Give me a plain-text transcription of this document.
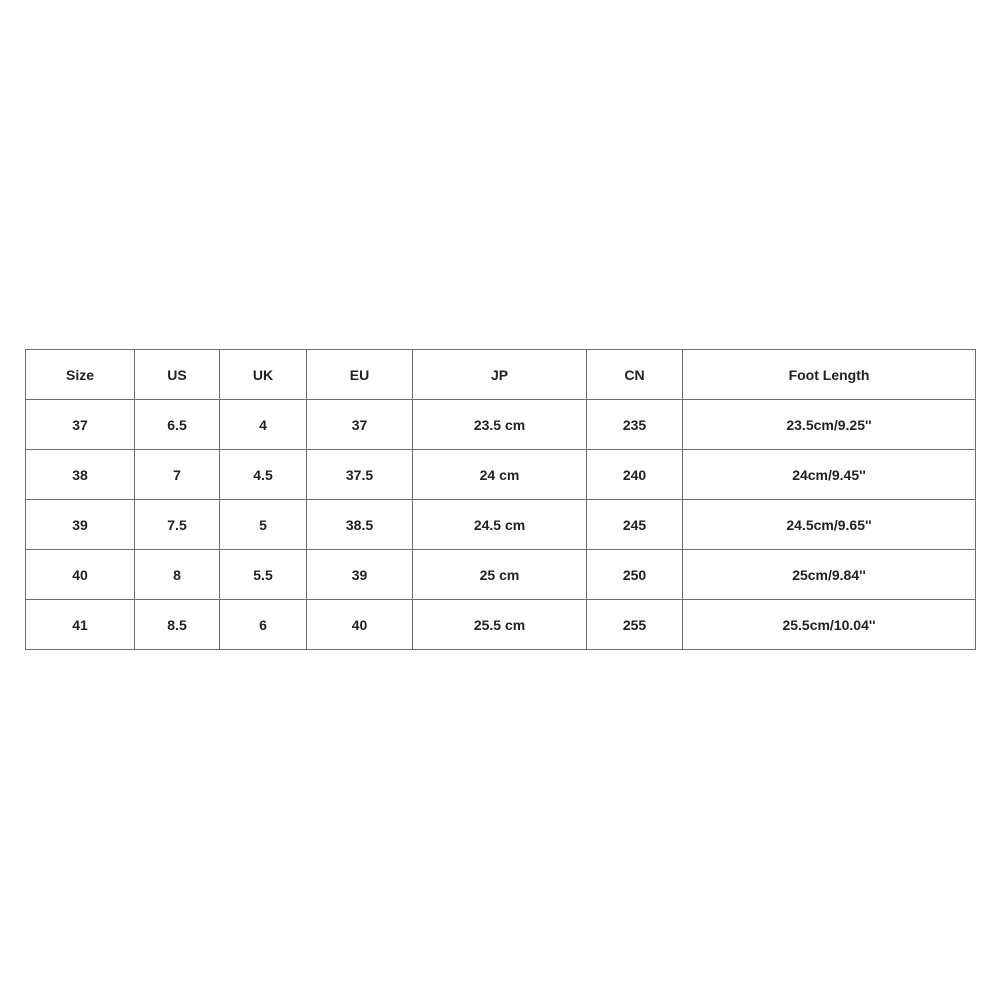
Size	US	UK	EU	JP	CN	Foot Length
37	6.5	4	37	23.5 cm	235	23.5cm/9.25''
38	7	4.5	37.5	24 cm	240	24cm/9.45''
39	7.5	5	38.5	24.5 cm	245	24.5cm/9.65''
40	8	5.5	39	25 cm	250	25cm/9.84''
41	8.5	6	40	25.5 cm	255	25.5cm/10.04''
